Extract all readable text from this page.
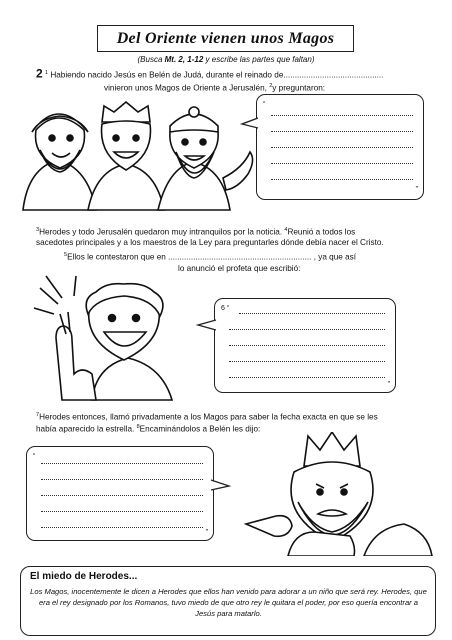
Del Oriente vienen unos Magos
(Busca Mt. 2, 1-12 y escribe las partes que faltan)
2 $^1$ Habiendo nacido Jesús en Belén de Judá, durante el reinado de............................................
vinieron unos Magos de Oriente a Jerusalén, $^2$y preguntaron:
“
”
$^3$Herodes y todo Jerusalén quedaron muy intranquilos por la noticia. $^4$Reunió a todos los
sacedotes principales y a los maestros de la Ley para preguntarles dónde debía nacer el Cristo.
$^5$Ellos le contestaron que en ............................................................... , ya que así
lo anunció el profeta que escribió:
6 “
”
$^7$Herodes entonces, llamó privadamente a los Magos para saber la fecha exacta en que se les
había aparecido la estrella. $^8$Encaminándolos a Belén les dijo:
“
”
El miedo de Herodes...
Los Magos, inocentemente le dicen a Herodes que ellos han venido para adorar a un niño que será rey. Herodes, que era el rey designado por los Romanos, tuvo miedo de que otro rey le quitara el poder, por eso quería encontrar a Jesús para matarlo.
